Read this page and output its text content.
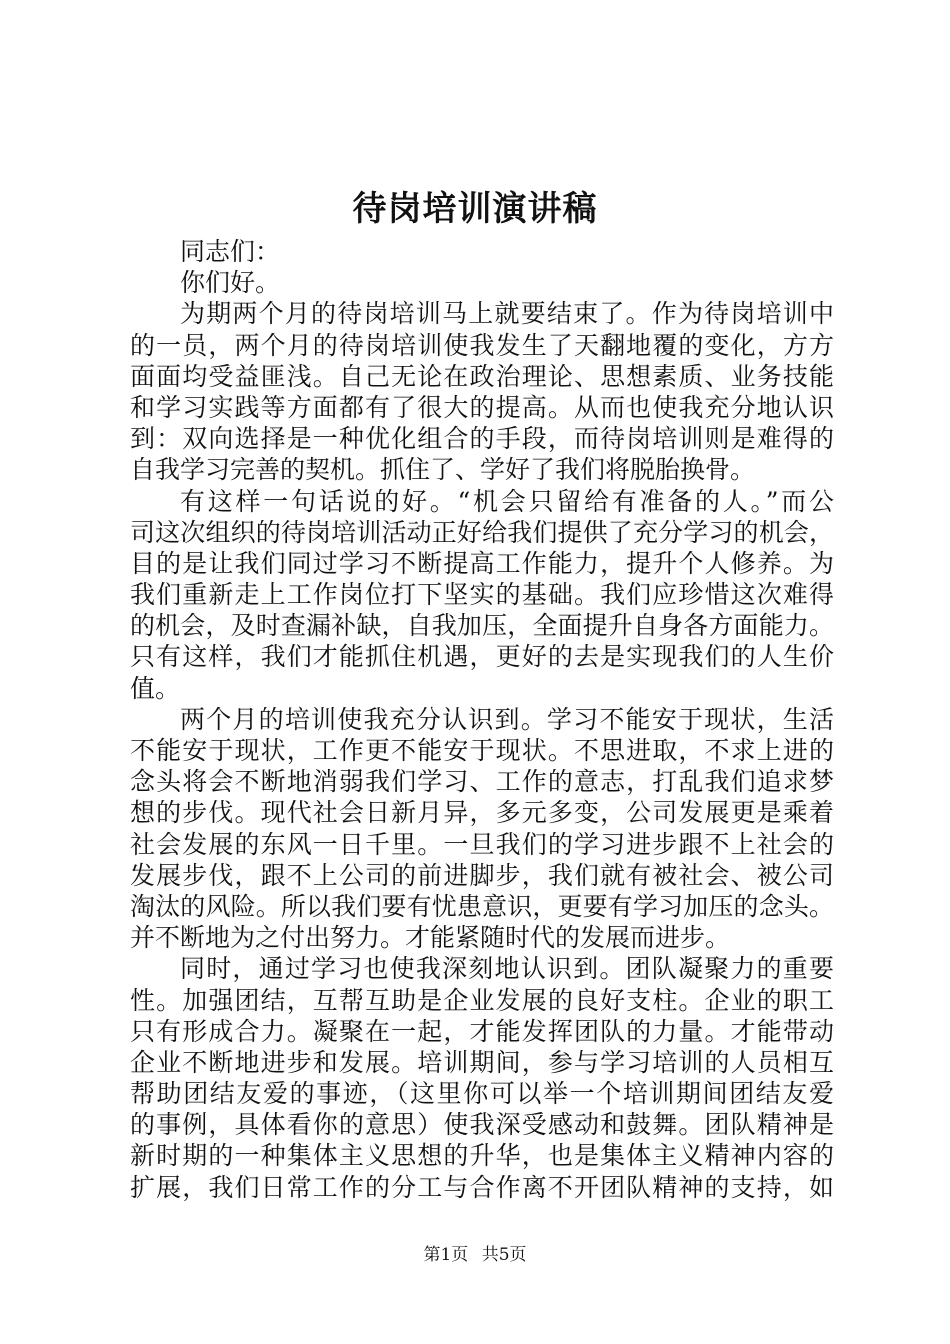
待岗培训演讲稿
同志们：
你们好。
为期两个月的待岗培训马上就要结束了。作为待岗培训中
的一员，两个月的待岗培训使我发生了天翻地覆的变化，方方
面面均受益匪浅。自己无论在政治理论、思想素质、业务技能
和学习实践等方面都有了很大的提高。从而也使我充分地认识
到：双向选择是一种优化组合的手段，而待岗培训则是难得的
自我学习完善的契机。抓住了、学好了我们将脱胎换骨。
有这样一句话说的好。“机会只留给有准备的人。”而公
司这次组织的待岗培训活动正好给我们提供了充分学习的机会，
目的是让我们同过学习不断提高工作能力，提升个人修养。为
我们重新走上工作岗位打下坚实的基础。我们应珍惜这次难得
的机会，及时查漏补缺，自我加压，全面提升自身各方面能力。
只有这样，我们才能抓住机遇，更好的去是实现我们的人生价
值。
两个月的培训使我充分认识到。学习不能安于现状，生活
不能安于现状，工作更不能安于现状。不思进取，不求上进的
念头将会不断地消弱我们学习、工作的意志，打乱我们追求梦
想的步伐。现代社会日新月异，多元多变，公司发展更是乘着
社会发展的东风一日千里。一旦我们的学习进步跟不上社会的
发展步伐，跟不上公司的前进脚步，我们就有被社会、被公司
淘汰的风险。所以我们要有忧患意识，更要有学习加压的念头。
并不断地为之付出努力。才能紧随时代的发展而进步。
同时，通过学习也使我深刻地认识到。团队凝聚力的重要
性。加强团结，互帮互助是企业发展的良好支柱。企业的职工
只有形成合力。凝聚在一起，才能发挥团队的力量。才能带动
企业不断地进步和发展。培训期间，参与学习培训的人员相互
帮助团结友爱的事迹，（这里你可以举一个培训期间团结友爱
的事例，具体看你的意思）使我深受感动和鼓舞。团队精神是
新时期的一种集体主义思想的升华，也是集体主义精神内容的
扩展，我们日常工作的分工与合作离不开团队精神的支持，如
第1页 共5页
